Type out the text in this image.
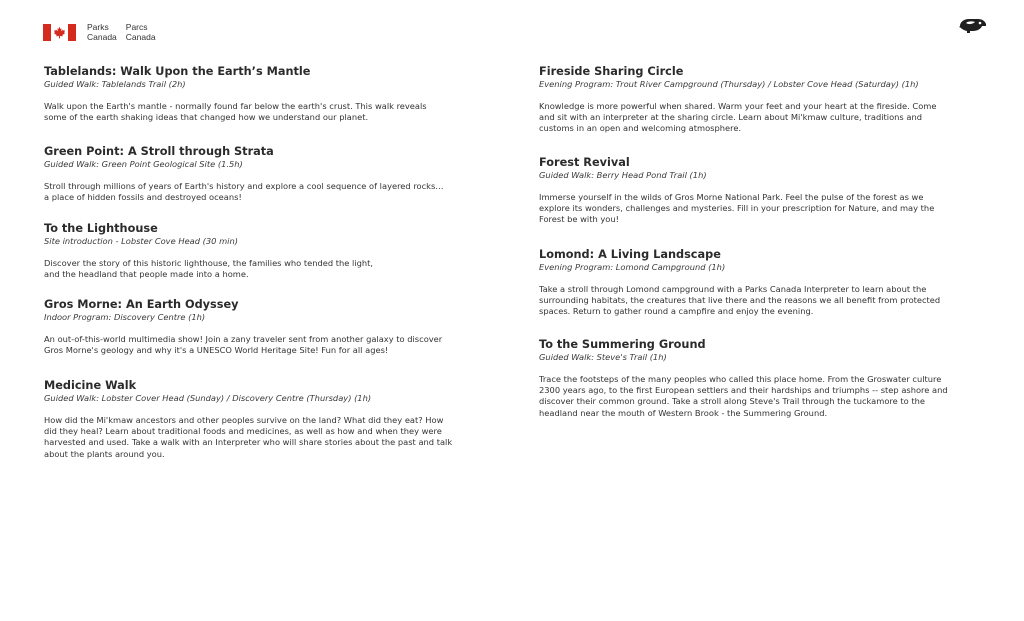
Parks
Canada
Parcs
Canada
Tablelands: Walk Upon the Earth’s Mantle
Guided Walk: Tablelands Trail (2h)

Walk upon the Earth's mantle - normally found far below the earth's crust. This walk reveals

some of the earth shaking ideas that changed how we understand our planet.

Green Point: A Stroll through Strata
Guided Walk: Green Point Geological Site (1.5h)

Stroll through millions of years of Earth's history and explore a cool sequence of layered rocks…

a place of hidden fossils and destroyed oceans!

To the Lighthouse
Site introduction - Lobster Cove Head (30 min)

Discover the story of this historic lighthouse, the families who tended the light,

and the headland that people made into a home.

Gros Morne: An Earth Odyssey
Indoor Program: Discovery Centre (1h)

An out-of-this-world multimedia show! Join a zany traveler sent from another galaxy to discover

Gros Morne's geology and why it's a UNESCO World Heritage Site! Fun for all ages!

Medicine Walk
Guided Walk: Lobster Cover Head (Sunday) / Discovery Centre (Thursday) (1h)

How did the Mi'kmaw ancestors and other peoples survive on the land? What did they eat? How

did they heal? Learn about traditional foods and medicines, as well as how and when they were

harvested and used. Take a walk with an Interpreter who will share stories about the past and talk

about the plants around you.

Fireside Sharing Circle
Evening Program: Trout River Campground (Thursday) / Lobster Cove Head (Saturday) (1h)

Knowledge is more powerful when shared. Warm your feet and your heart at the fireside. Come

and sit with an interpreter at the sharing circle. Learn about Mi'kmaw culture, traditions and

customs in an open and welcoming atmosphere.

Forest Revival
Guided Walk: Berry Head Pond Trail (1h)

Immerse yourself in the wilds of Gros Morne National Park. Feel the pulse of the forest as we

explore its wonders, challenges and mysteries. Fill in your prescription for Nature, and may the

Forest be with you!

Lomond: A Living Landscape
Evening Program: Lomond Campground (1h)

Take a stroll through Lomond campground with a Parks Canada Interpreter to learn about the

surrounding habitats, the creatures that live there and the reasons we all benefit from protected

spaces. Return to gather round a campfire and enjoy the evening.

To the Summering Ground
Guided Walk: Steve's Trail (1h)

Trace the footsteps of the many peoples who called this place home. From the Groswater culture

2300 years ago, to the first European settlers and their hardships and triumphs -- step ashore and

discover their common ground. Take a stroll along Steve's Trail through the tuckamore to the

headland near the mouth of Western Brook - the Summering Ground.
